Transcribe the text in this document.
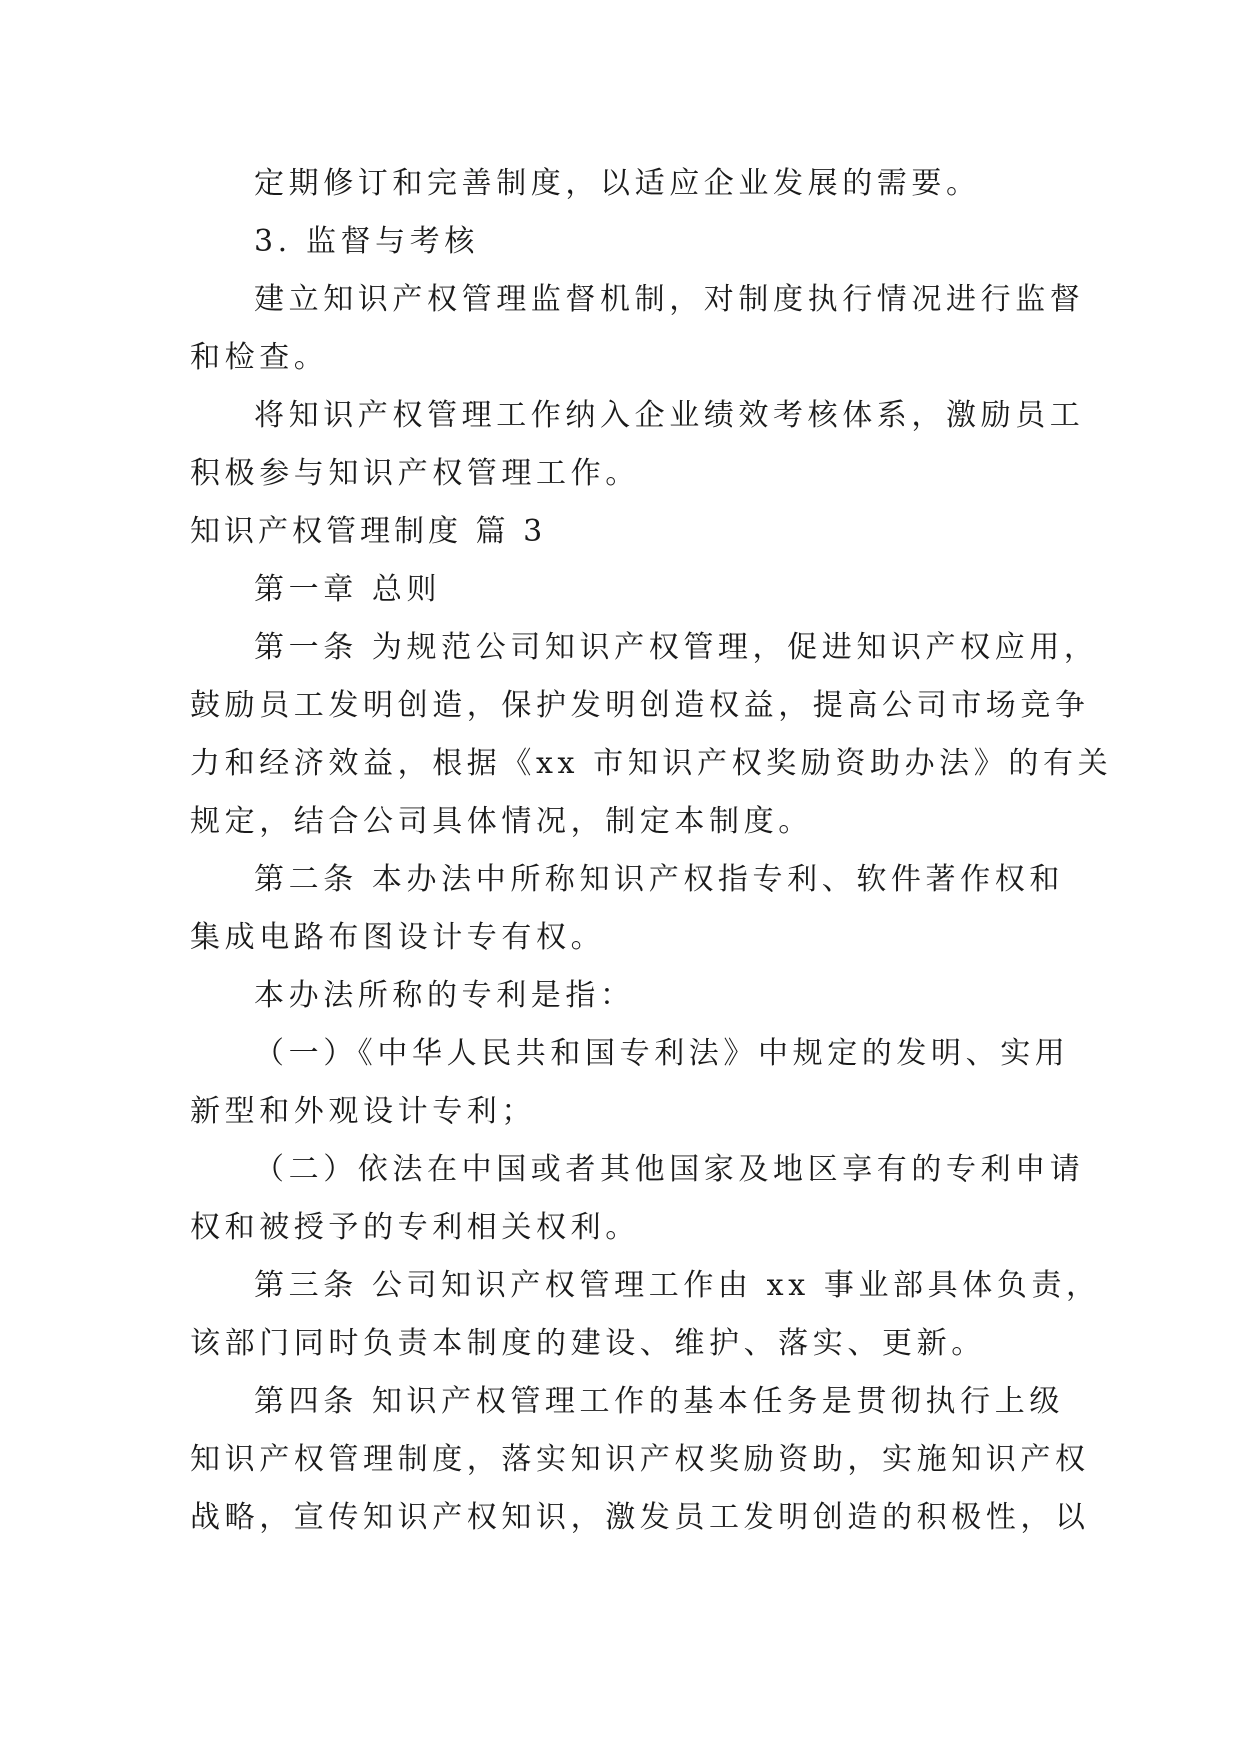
定期修订和完善制度，以适应企业发展的需要。

3. 监督与考核

建立知识产权管理监督机制，对制度执行情况进行监督

和检查。

将知识产权管理工作纳入企业绩效考核体系，激励员工

积极参与知识产权管理工作。

知识产权管理制度 篇 3

第一章 总则

第一条 为规范公司知识产权管理，促进知识产权应用，

鼓励员工发明创造，保护发明创造权益，提高公司市场竞争

力和经济效益，根据《xx 市知识产权奖励资助办法》的有关

规定，结合公司具体情况，制定本制度。

第二条 本办法中所称知识产权指专利、软件著作权和

集成电路布图设计专有权。

本办法所称的专利是指：

（一）《中华人民共和国专利法》中规定的发明、实用

新型和外观设计专利；

（二）依法在中国或者其他国家及地区享有的专利申请

权和被授予的专利相关权利。

第三条 公司知识产权管理工作由 xx 事业部具体负责，

该部门同时负责本制度的建设、维护、落实、更新。

第四条 知识产权管理工作的基本任务是贯彻执行上级

知识产权管理制度，落实知识产权奖励资助，实施知识产权

战略，宣传知识产权知识，激发员工发明创造的积极性，以
